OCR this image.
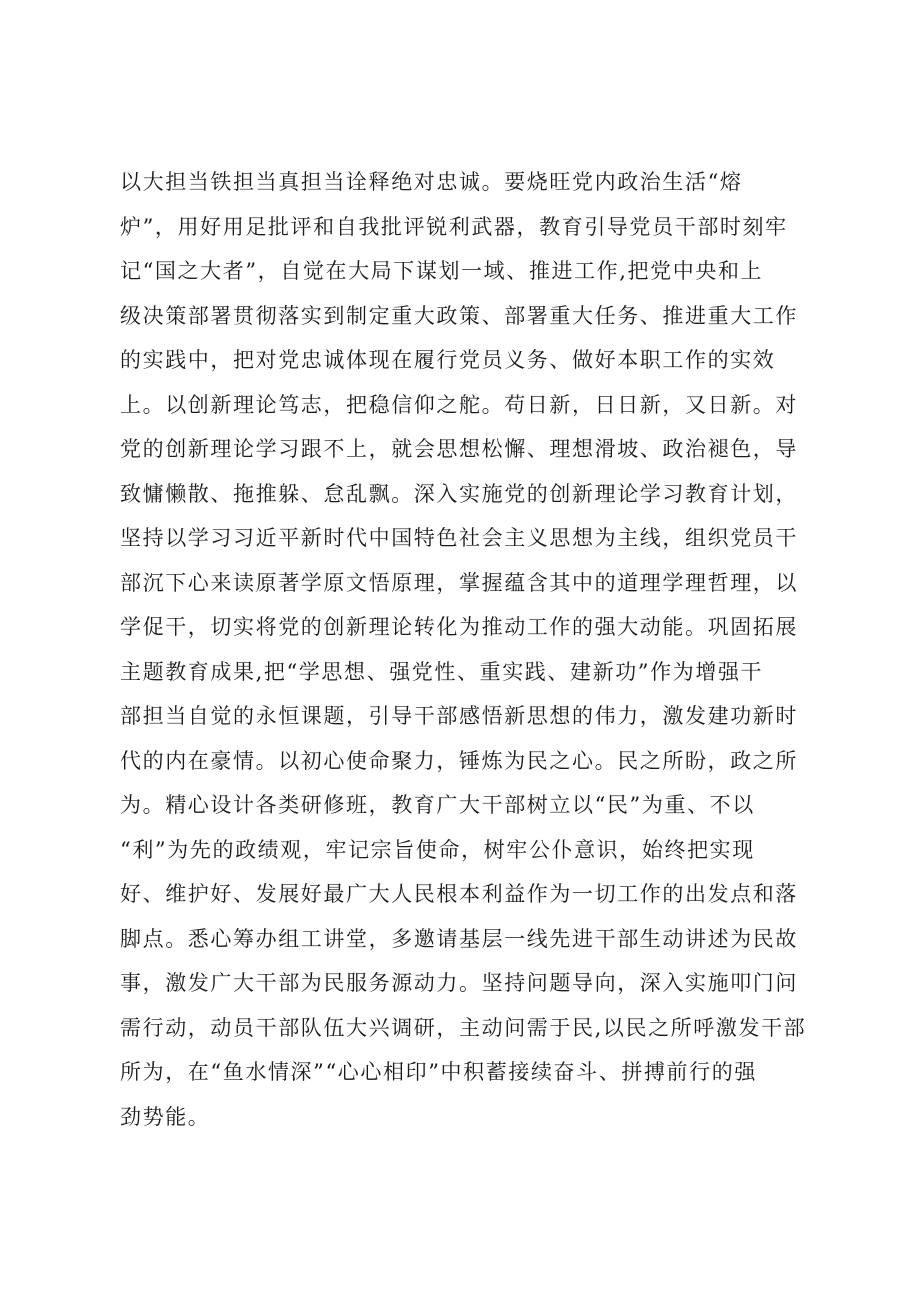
以大担当铁担当真担当诠释绝对忠诚。要烧旺党内政治生活“熔
炉”，用好用足批评和自我批评锐利武器，教育引导党员干部时刻牢
记“国之大者”，自觉在大局下谋划一域、推进工作,把党中央和上
级决策部署贯彻落实到制定重大政策、部署重大任务、推进重大工作
的实践中，把对党忠诚体现在履行党员义务、做好本职工作的实效
上。以创新理论笃志，把稳信仰之舵。苟日新，日日新，又日新。对
党的创新理论学习跟不上，就会思想松懈、理想滑坡、政治褪色，导
致慵懒散、拖推躲、怠乱飘。深入实施党的创新理论学习教育计划，
坚持以学习习近平新时代中国特色社会主义思想为主线，组织党员干
部沉下心来读原著学原文悟原理，掌握蕴含其中的道理学理哲理，以
学促干，切实将党的创新理论转化为推动工作的强大动能。巩固拓展
主题教育成果,把“学思想、强党性、重实践、建新功”作为增强干
部担当自觉的永恒课题，引导干部感悟新思想的伟力，激发建功新时
代的内在豪情。以初心使命聚力，锤炼为民之心。民之所盼，政之所
为。精心设计各类研修班，教育广大干部树立以“民”为重、不以
“利”为先的政绩观，牢记宗旨使命，树牢公仆意识，始终把实现
好、维护好、发展好最广大人民根本利益作为一切工作的出发点和落
脚点。悉心筹办组工讲堂，多邀请基层一线先进干部生动讲述为民故
事，激发广大干部为民服务源动力。坚持问题导向，深入实施叩门问
需行动，动员干部队伍大兴调研，主动问需于民,以民之所呼激发干部
所为，在“鱼水情深”“心心相印”中积蓄接续奋斗、拼搏前行的强
劲势能。
